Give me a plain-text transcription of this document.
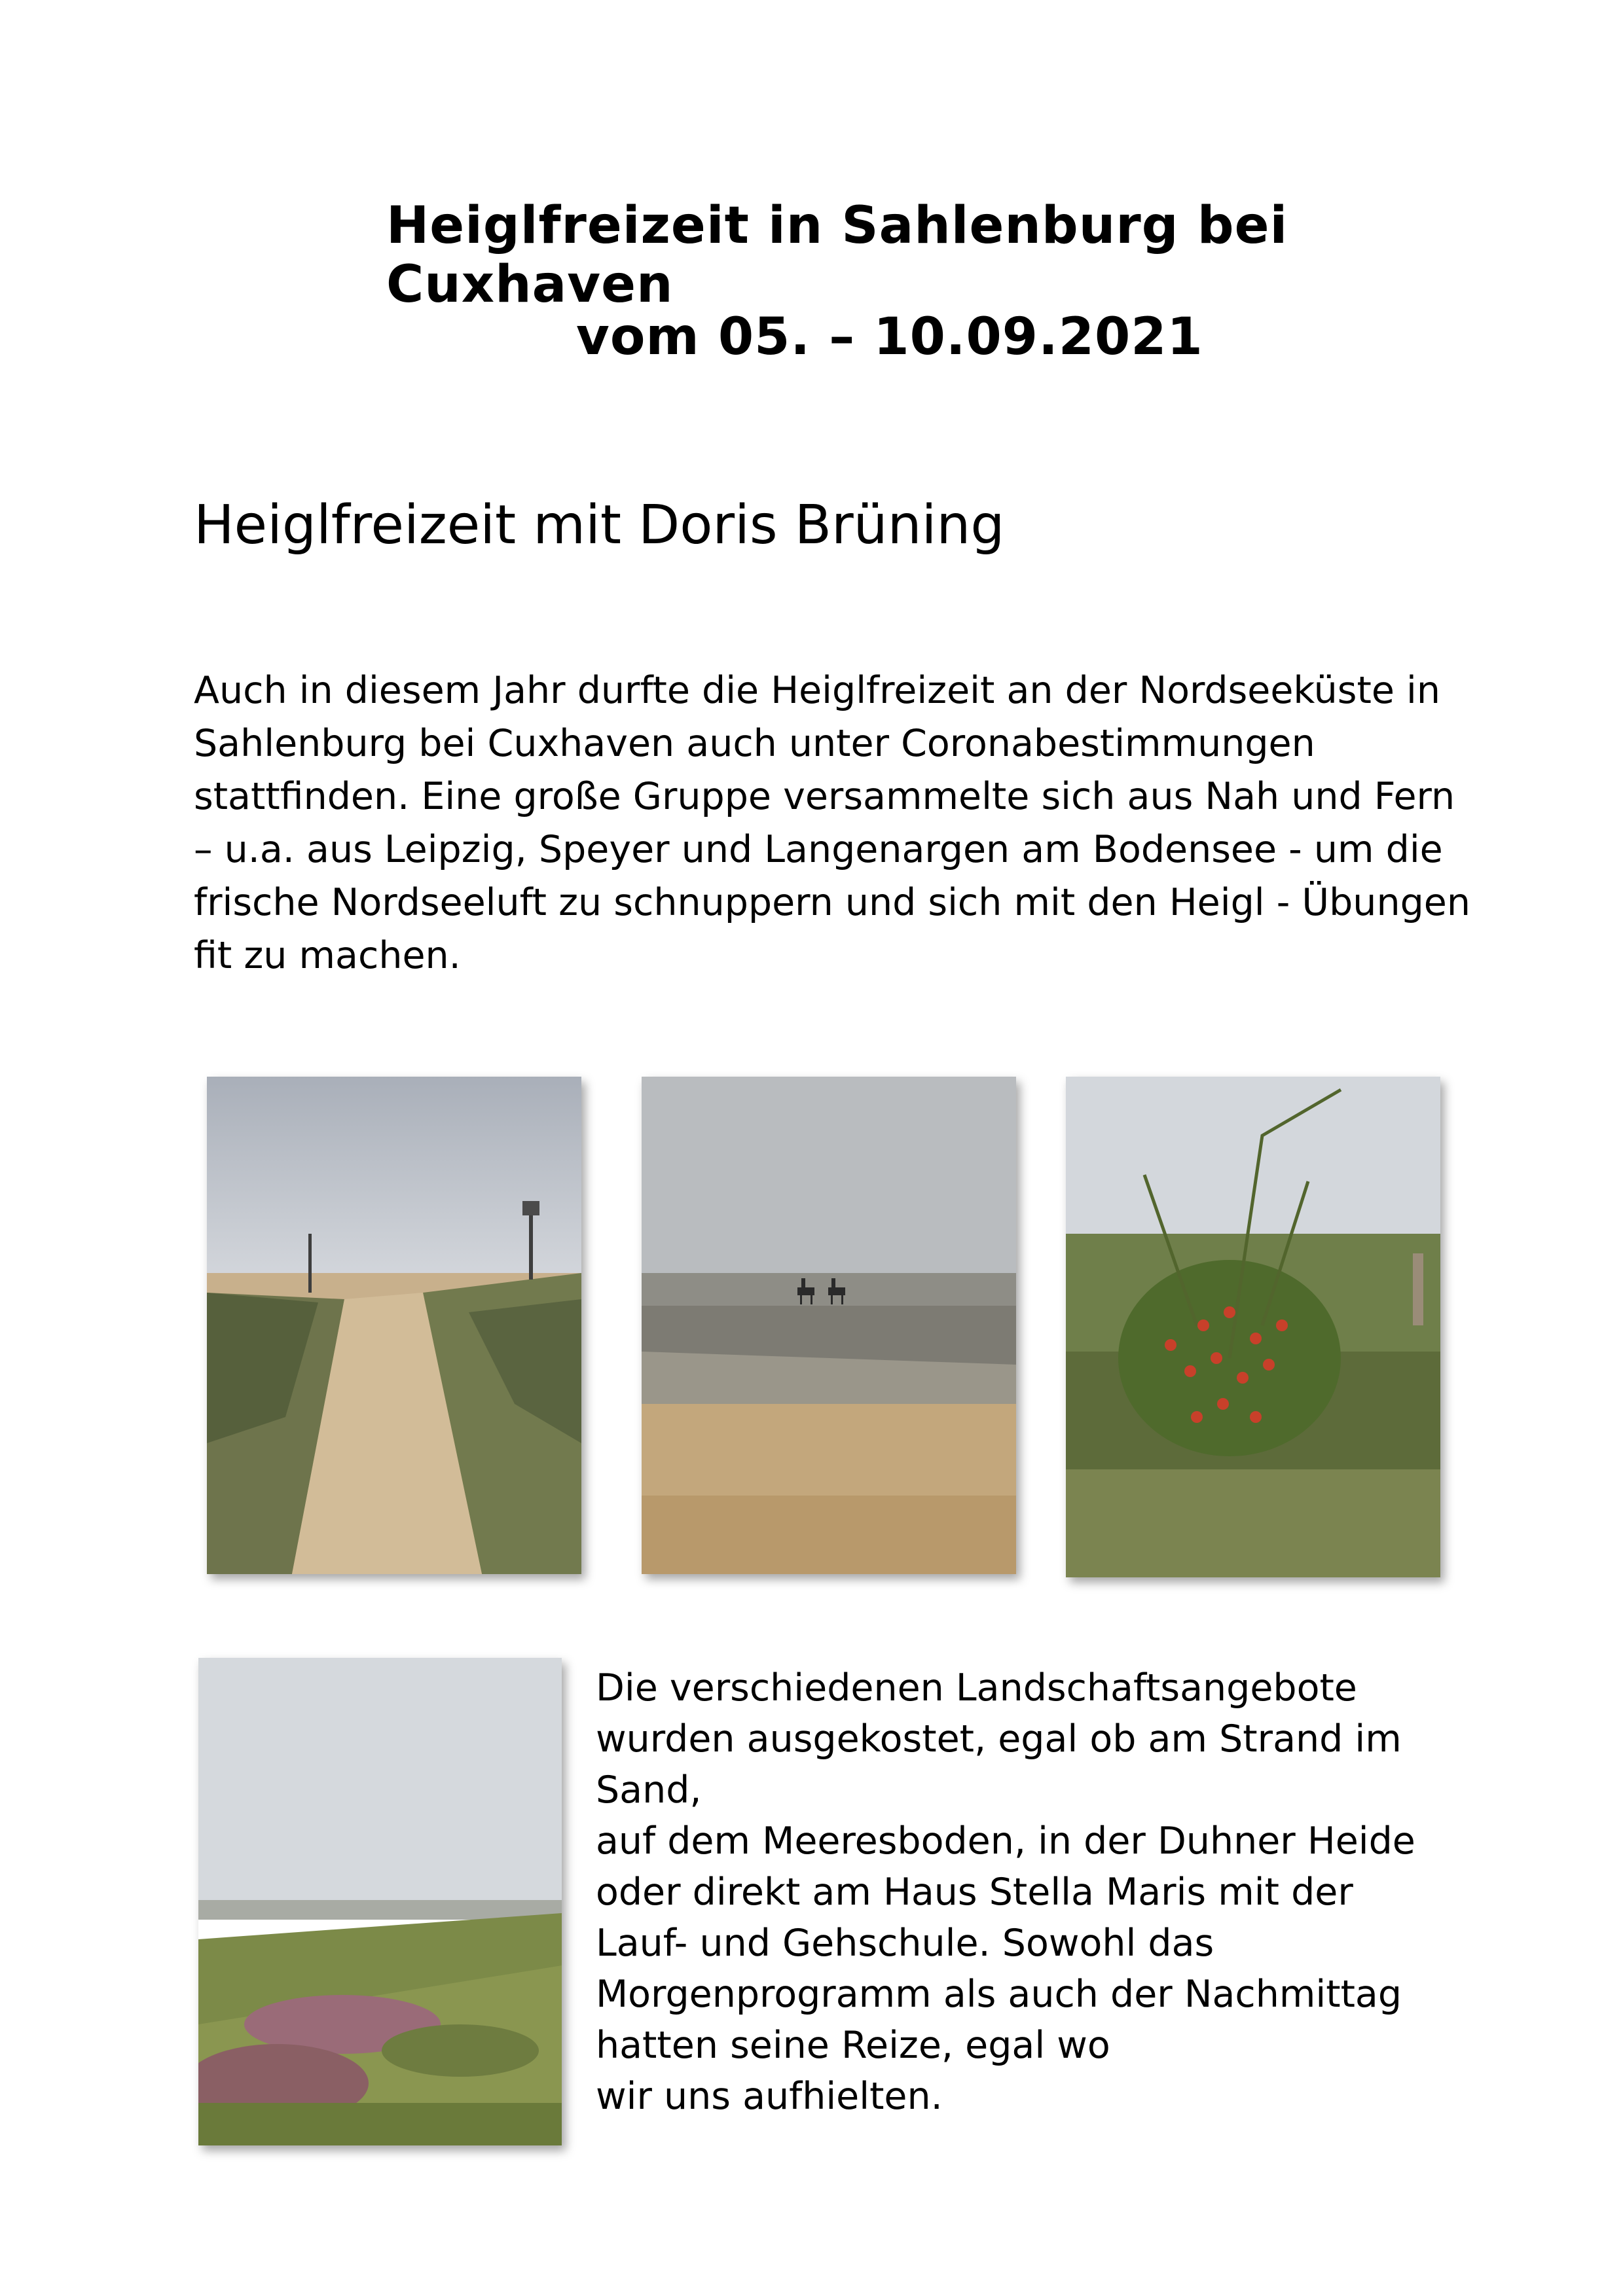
Heiglfreizeit in Sahlenburg bei Cuxhaven
vom 05. – 10.09.2021
Heiglfreizeit mit Doris Brüning

Auch in diesem Jahr durfte die Heiglfreizeit an der Nordseeküste in Sahlenburg bei Cuxhaven auch unter Coronabestimmungen stattfinden. Eine große Gruppe versammelte sich aus Nah und Fern – u.a. aus Leipzig, Speyer und Langenargen am Bodensee - um die frische Nordseeluft zu schnuppern und sich mit den Heigl - Übungen fit zu machen.

Die verschiedenen Landschaftsangebote
wurden ausgekostet, egal ob am Strand im
Sand,
auf dem Meeresboden, in der Duhner Heide
oder direkt am Haus Stella Maris mit der
Lauf- und Gehschule. Sowohl das
Morgenprogramm als auch der Nachmittag
hatten seine Reize, egal wo
wir uns aufhielten.
